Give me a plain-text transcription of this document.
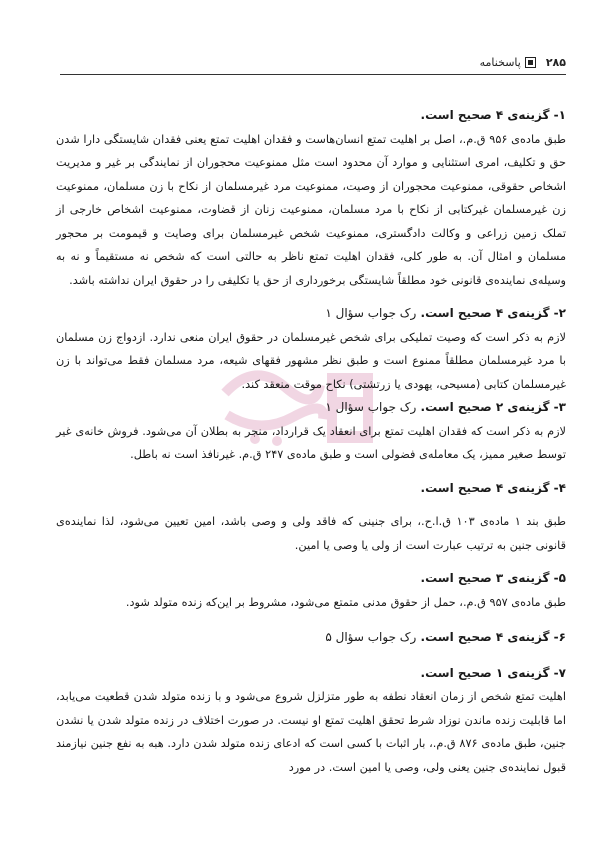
۲۸۵
پاسخنامه

۱- گزینه‌ی ۴ صحیح است.

طبق ماده‌ی ۹۵۶ ق.م.، اصل بر اهلیت تمتع انسان‌هاست و فقدان اهلیت تمتع یعنی فقدان شایستگی دارا شدن حق و تکلیف، امری استثنایی و موارد آن محدود است مثل ممنوعیت محجوران از نمایندگی بر غیر و مدیریت اشخاص حقوقی، ممنوعیت محجوران از وصیت، ممنوعیت مرد غیرمسلمان از نکاح با زن مسلمان، ممنوعیت زن غیرمسلمان غیرکتابی از نکاح با مرد مسلمان، ممنوعیت زنان از قضاوت، ممنوعیت اشخاص خارجی از تملک زمین زراعی و وکالت دادگستری، ممنوعیت شخص غیرمسلمان برای وصایت و قیمومت بر محجور مسلمان و امثال آن. به طور کلی، فقدان اهلیت تمتع ناظر به حالتی است که شخص نه مستقیماً و نه به وسیله‌ی نماینده‌ی قانونی خود مطلقاً شایستگی برخورداری از حق یا تکلیفی را در حقوق ایران نداشته باشد.

۲- گزینه‌ی ۴ صحیح است. رک جواب سؤال ۱

لازم به ذکر است که وصیت تملیکی برای شخص غیرمسلمان در حقوق ایران منعی ندارد. ازدواج زن مسلمان با مرد غیرمسلمان مطلقاً ممنوع است و طبق نظر مشهور فقهای شیعه، مرد مسلمان فقط می‌تواند با زن غیرمسلمان کتابی (مسیحی، یهودی یا زرتشتی) نکاح موقت منعقد کند.

۳- گزینه‌ی ۲ صحیح است. رک جواب سؤال ۱

لازم به ذکر است که فقدان اهلیت تمتع برای انعقاد یک قرارداد، منجر به بطلان آن می‌شود. فروش خانه‌ی غیر توسط صغیر ممیز، یک معامله‌ی فضولی است و طبق ماده‌ی ۲۴۷ ق.م. غیرنافذ است نه باطل.

۴- گزینه‌ی ۴ صحیح است.

طبق بند ۱ ماده‌ی ۱۰۳ ق.ا.ح.، برای جنینی که فاقد ولی و وصی باشد، امین تعیین می‌شود، لذا نماینده‌ی قانونی جنین به ترتیب عبارت است از ولی یا وصی یا امین.

۵- گزینه‌ی ۳ صحیح است.

طبق ماده‌ی ۹۵۷ ق.م.، حمل از حقوق مدنی متمتع می‌شود، مشروط بر این‌که زنده متولد شود.

۶- گزینه‌ی ۴ صحیح است. رک جواب سؤال ۵

۷- گزینه‌ی ۱ صحیح است.

اهلیت تمتع شخص از زمان انعقاد نطفه به طور متزلزل شروع می‌شود و با زنده متولد شدن قطعیت می‌یابد، اما قابلیت زنده ماندن نوزاد شرط تحقق اهلیت تمتع او نیست. در صورت اختلاف در زنده متولد شدن یا نشدن جنین، طبق ماده‌ی ۸۷۶ ق.م.، بار اثبات با کسی است که ادعای زنده متولد شدن دارد. هبه به نفع جنین نیازمند قبول نماینده‌ی جنین یعنی ولی، وصی یا امین است. در مورد
